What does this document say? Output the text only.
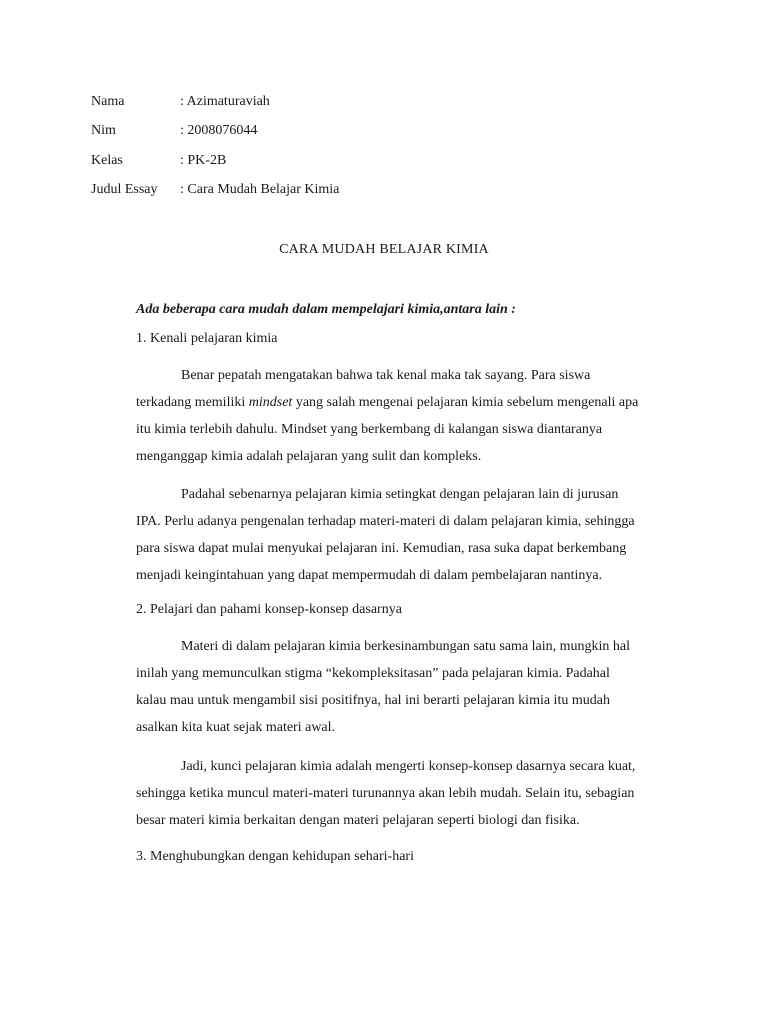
Nama	: Azimaturaviah
Nim	: 2008076044
Kelas	: PK-2B
Judul Essay : Cara Mudah Belajar Kimia
CARA MUDAH BELAJAR KIMIA
Ada beberapa cara mudah dalam mempelajari kimia,antara lain :
1. Kenali pelajaran kimia
Benar pepatah mengatakan bahwa tak kenal maka tak sayang. Para siswa
terkadang memiliki mindset yang salah mengenai pelajaran kimia sebelum mengenali apa
itu kimia terlebih dahulu. Mindset yang berkembang di kalangan siswa diantaranya
menganggap kimia adalah pelajaran yang sulit dan kompleks.
Padahal sebenarnya pelajaran kimia setingkat dengan pelajaran lain di jurusan
IPA. Perlu adanya pengenalan terhadap materi-materi di dalam pelajaran kimia, sehingga
para siswa dapat mulai menyukai pelajaran ini. Kemudian, rasa suka dapat berkembang
menjadi keingintahuan yang dapat mempermudah di dalam pembelajaran nantinya.
2. Pelajari dan pahami konsep-konsep dasarnya
Materi di dalam pelajaran kimia berkesinambungan satu sama lain, mungkin hal
inilah yang memunculkan stigma “kekompleksitasan” pada pelajaran kimia. Padahal
kalau mau untuk mengambil sisi positifnya, hal ini berarti pelajaran kimia itu mudah
asalkan kita kuat sejak materi awal.
Jadi, kunci pelajaran kimia adalah mengerti konsep-konsep dasarnya secara kuat,
sehingga ketika muncul materi-materi turunannya akan lebih mudah. Selain itu, sebagian
besar materi kimia berkaitan dengan materi pelajaran seperti biologi dan fisika.
3. Menghubungkan dengan kehidupan sehari-hari
